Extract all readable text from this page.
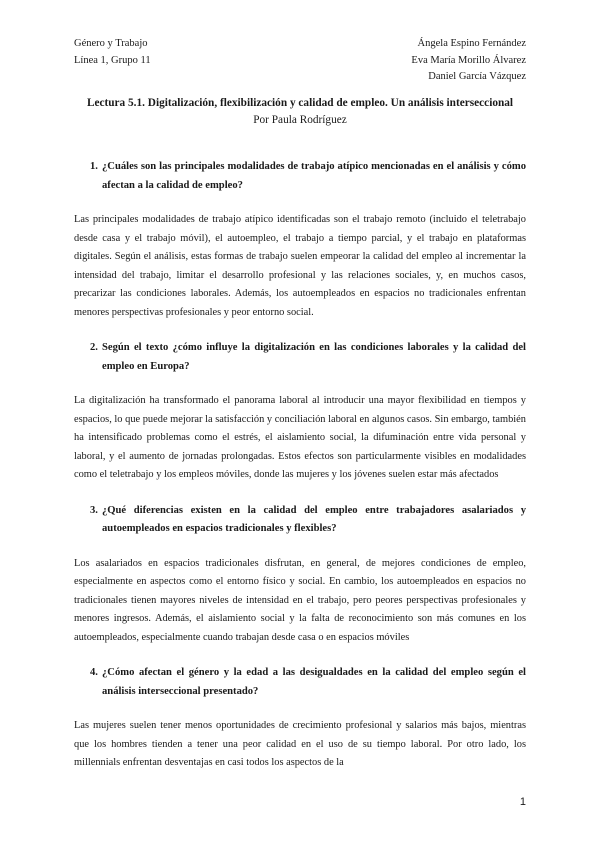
Género y Trabajo
Línea 1, Grupo 11
Ángela Espino Fernández
Eva María Morillo Álvarez
Daniel García Vázquez

Lectura 5.1. Digitalización, flexibilización y calidad de empleo. Un análisis interseccional

Por Paula Rodríguez
1. ¿Cuáles son las principales modalidades de trabajo atípico mencionadas en el análisis y cómo afectan a la calidad de empleo?

Las principales modalidades de trabajo atípico identificadas son el trabajo remoto (incluido el teletrabajo desde casa y el trabajo móvil), el autoempleo, el trabajo a tiempo parcial, y el trabajo en plataformas digitales. Según el análisis, estas formas de trabajo suelen empeorar la calidad del empleo al incrementar la intensidad del trabajo, limitar el desarrollo profesional y las relaciones sociales, y, en muchos casos, precarizar las condiciones laborales. Además, los autoempleados en espacios no tradicionales enfrentan menores perspectivas profesionales y peor entorno social.

2. Según el texto ¿cómo influye la digitalización en las condiciones laborales y la calidad del empleo en Europa?

La digitalización ha transformado el panorama laboral al introducir una mayor flexibilidad en tiempos y espacios, lo que puede mejorar la satisfacción y conciliación laboral en algunos casos. Sin embargo, también ha intensificado problemas como el estrés, el aislamiento social, la difuminación entre vida personal y laboral, y el aumento de jornadas prolongadas. Estos efectos son particularmente visibles en modalidades como el teletrabajo y los empleos móviles, donde las mujeres y los jóvenes suelen estar más afectados

3. ¿Qué diferencias existen en la calidad del empleo entre trabajadores asalariados y autoempleados en espacios tradicionales y flexibles?

Los asalariados en espacios tradicionales disfrutan, en general, de mejores condiciones de empleo, especialmente en aspectos como el entorno físico y social. En cambio, los autoempleados en espacios no tradicionales tienen mayores niveles de intensidad en el trabajo, pero peores perspectivas profesionales y menores ingresos. Además, el aislamiento social y la falta de reconocimiento son más comunes en los autoempleados, especialmente cuando trabajan desde casa o en espacios móviles

4. ¿Cómo afectan el género y la edad a las desigualdades en la calidad del empleo según el análisis interseccional presentado?

Las mujeres suelen tener menos oportunidades de crecimiento profesional y salarios más bajos, mientras que los hombres tienden a tener una peor calidad en el uso de su tiempo laboral. Por otro lado, los millennials enfrentan desventajas en casi todos los aspectos de la

1
